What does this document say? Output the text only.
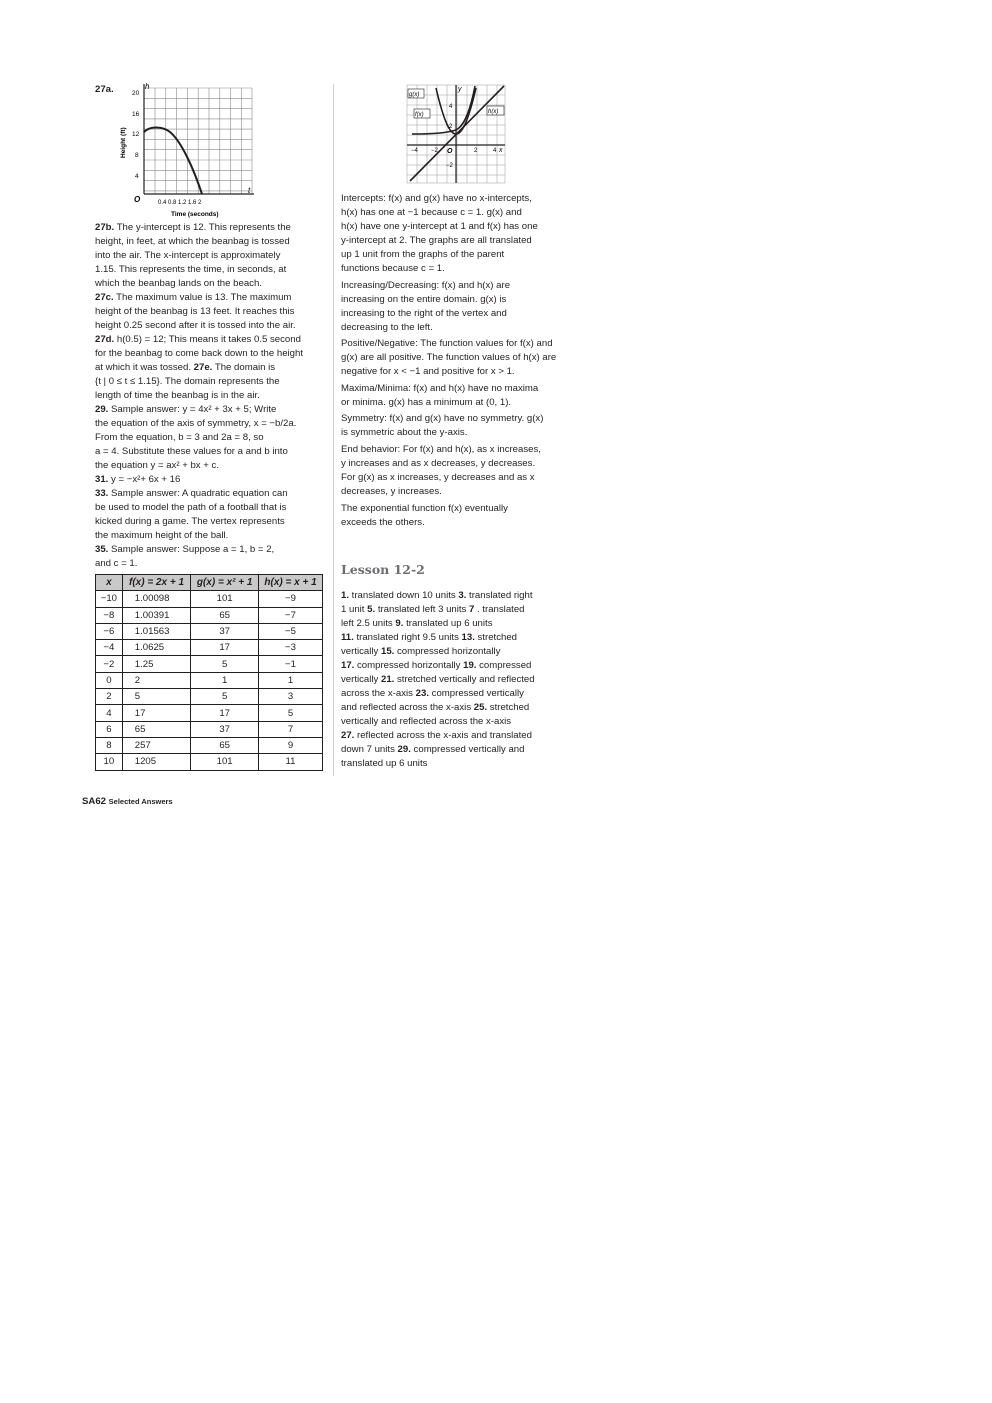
27a.	h
t
O
20
16
12
8
4
0.4 0.8 1.2 1.6 2
Height (ft)
Time (seconds)

27b. The y-intercept is 12. This represents the
height, in feet, at which the beanbag is tossed
into the air. The x-intercept is approximately
1.15. This represents the time, in seconds, at
which the beanbag lands on the beach.

27c. The maximum value is 13. The maximum
height of the beanbag is 13 feet. It reaches this
height 0.25 second after it is tossed into the air.

27d. h(0.5) = 12; This means it takes 0.5 second
for the beanbag to come back down to the height
at which it was tossed. 27e. The domain is
{t | 0 ≤ t ≤ 1.15}. The domain represents the
length of time the beanbag is in the air.

29. Sample answer: y = 4x² + 3x + 5; Write
the equation of the axis of symmetry, x = −b/2a.
From the equation, b = 3 and 2a = 8, so
a = 4. Substitute these values for a and b into
the equation y = ax² + bx + c.

31. y = −x²+ 6x + 16

33. Sample answer: A quadratic equation can
be used to model the path of a football that is
kicked during a game. The vertex represents
the maximum height of the ball.

35. Sample answer: Suppose a = 1, b = 2,
and c = 1.

x	f(x) = 2x + 1	g(x) = x² + 1	h(x) = x + 1
−10	1.00098	101	−9
−8	1.00391	65	−7
−6	1.01563	37	−5
−4	1.0625	17	−3
−2	1.25	5	−1
0	2	1	1
2	5	5	3
4	17	17	5
6	65	37	7
8	257	65	9
10	1205	101	11
g(x)
f(x)	h(x)
y
x
O
4
2
−2
−4 −2	2	4

Intercepts: f(x) and g(x) have no x-intercepts,
h(x) has one at −1 because c = 1. g(x) and
h(x) have one y-intercept at 1 and f(x) has one
y-intercept at 2. The graphs are all translated
up 1 unit from the graphs of the parent
functions because c = 1.

Increasing/Decreasing: f(x) and h(x) are
increasing on the entire domain. g(x) is
increasing to the right of the vertex and
decreasing to the left.

Positive/Negative: The function values for f(x) and
g(x) are all positive. The function values of h(x) are
negative for x < −1 and positive for x > 1.

Maxima/Minima: f(x) and h(x) have no maxima
or minima. g(x) has a minimum at (0, 1).

Symmetry: f(x) and g(x) have no symmetry. g(x)
is symmetric about the y-axis.

End behavior: For f(x) and h(x), as x increases,
y increases and as x decreases, y decreases.
For g(x) as x increases, y decreases and as x
decreases, y increases.

The exponential function f(x) eventually
exceeds the others.

Lesson 12-2
1. translated down 10 units 3. translated right
1 unit 5. translated left 3 units 7 . translated
left 2.5 units 9. translated up 6 units
11. translated right 9.5 units 13. stretched
vertically 15. compressed horizontally
17. compressed horizontally 19. compressed
vertically 21. stretched vertically and reflected
across the x-axis 23. compressed vertically
and reflected across the x-axis 25. stretched
vertically and reflected across the x-axis
27. reflected across the x-axis and translated
down 7 units 29. compressed vertically and
translated up 6 units
SA62 Selected Answers
